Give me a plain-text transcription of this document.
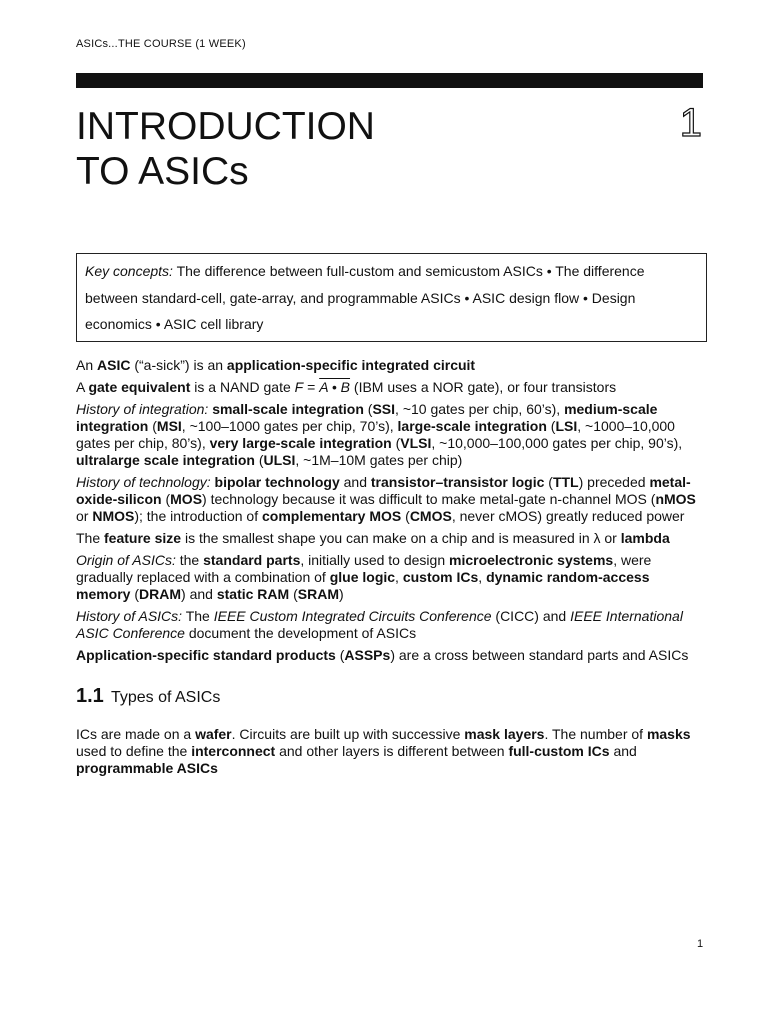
ASICs...THE COURSE (1 WEEK)
INTRODUCTION
TO ASICs
1
Key concepts: The difference between full-custom and semicustom ASICs • The difference between standard-cell, gate-array, and programmable ASICs • ASIC design flow • Design economics • ASIC cell library

An ASIC (“a-sick”) is an application-specific integrated circuit

A gate equivalent is a NAND gate F = A • B (IBM uses a NOR gate), or four transistors

History of integration: small-scale integration (SSI, ~10 gates per chip, 60’s), medium-scale integration (MSI, ~100–1000 gates per chip, 70’s), large-scale integration (LSI, ~1000–10,000 gates per chip, 80’s), very large-scale integration (VLSI, ~10,000–100,000 gates per chip, 90’s), ultralarge scale integration (ULSI, ~1M–10M gates per chip)

History of technology: bipolar technology and transistor–transistor logic (TTL) preceded metal-oxide-silicon (MOS) technology because it was difficult to make metal-gate n-channel MOS (nMOS or NMOS); the introduction of complementary MOS (CMOS, never cMOS) greatly reduced power

The feature size is the smallest shape you can make on a chip and is measured in λ or lambda

Origin of ASICs: the standard parts, initially used to design microelectronic systems, were gradually replaced with a combination of glue logic, custom ICs, dynamic random-access memory (DRAM) and static RAM (SRAM)

History of ASICs: The IEEE Custom Integrated Circuits Conference (CICC) and IEEE International ASIC Conference document the development of ASICs

Application-specific standard products (ASSPs) are a cross between standard parts and ASICs

1.1 Types of ASICs

ICs are made on a wafer. Circuits are built up with successive mask layers. The number of masks used to define the interconnect and other layers is different between full-custom ICs and programmable ASICs

1
